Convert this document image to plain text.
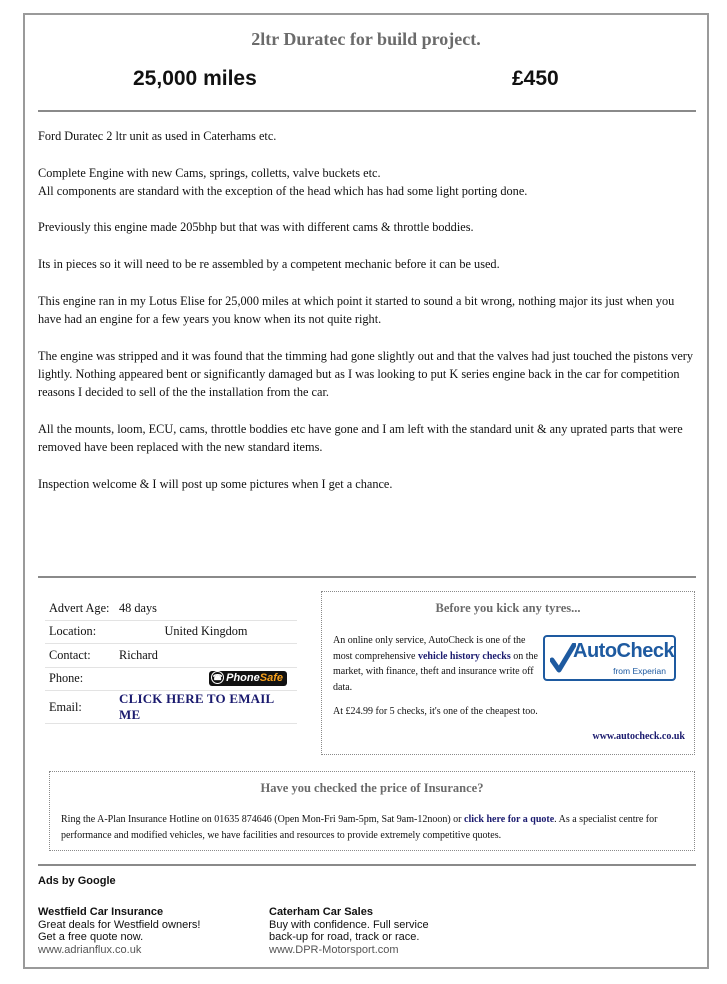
2ltr Duratec for build project.
25,000 miles	£450

Ford Duratec 2 ltr unit as used in Caterhams etc.

Complete Engine with new Cams, springs, colletts, valve buckets etc.
All components are standard with the exception of the head which has had some light porting done.

Previously this engine made 205bhp but that was with different cams & throttle boddies.

Its in pieces so it will need to be re assembled by a competent mechanic before it can be used.

This engine ran in my Lotus Elise for 25,000 miles at which point it started to sound a bit wrong, nothing major its just when you have had an engine for a few years you know when its not quite right.

The engine was stripped and it was found that the timming had gone slightly out and that the valves had just touched the pistons very lightly. Nothing appeared bent or significantly damaged but as I was looking to put K series engine back in the car for competition reasons I decided to sell of the the installation from the car.

All the mounts, loom, ECU, cams, throttle boddies etc have gone and I am left with the standard unit & any uprated parts that were removed have been replaced with the new standard items.

Inspection welcome & I will post up some pictures when I get a chance.

Advert Age:	48 days
Location:	United Kingdom
Contact:	Richard
Phone:	☎ PhoneSafe

Email:	CLICK HERE TO EMAIL ME
Before you kick any tyres...
An online only service, AutoCheck is one of the most comprehensive vehicle history checks on the market, with finance, theft and insurance write off data.
At £24.99 for 5 checks, it's one of the cheapest too.
AutoCheck
from Experian
www.autocheck.co.uk
Have you checked the price of Insurance?
Ring the A-Plan Insurance Hotline on 01635 874646 (Open Mon-Fri 9am-5pm, Sat 9am-12noon) or click here for a quote. As a specialist centre for performance and modified vehicles, we have facilities and resources to provide extremely competitive quotes.
Ads by Google
Westfield Car Insurance
Great deals for Westfield owners!
Get a free quote now.
www.adrianflux.co.uk
Caterham Car Sales
Buy with confidence. Full service
back-up for road, track or race.
www.DPR-Motorsport.com
